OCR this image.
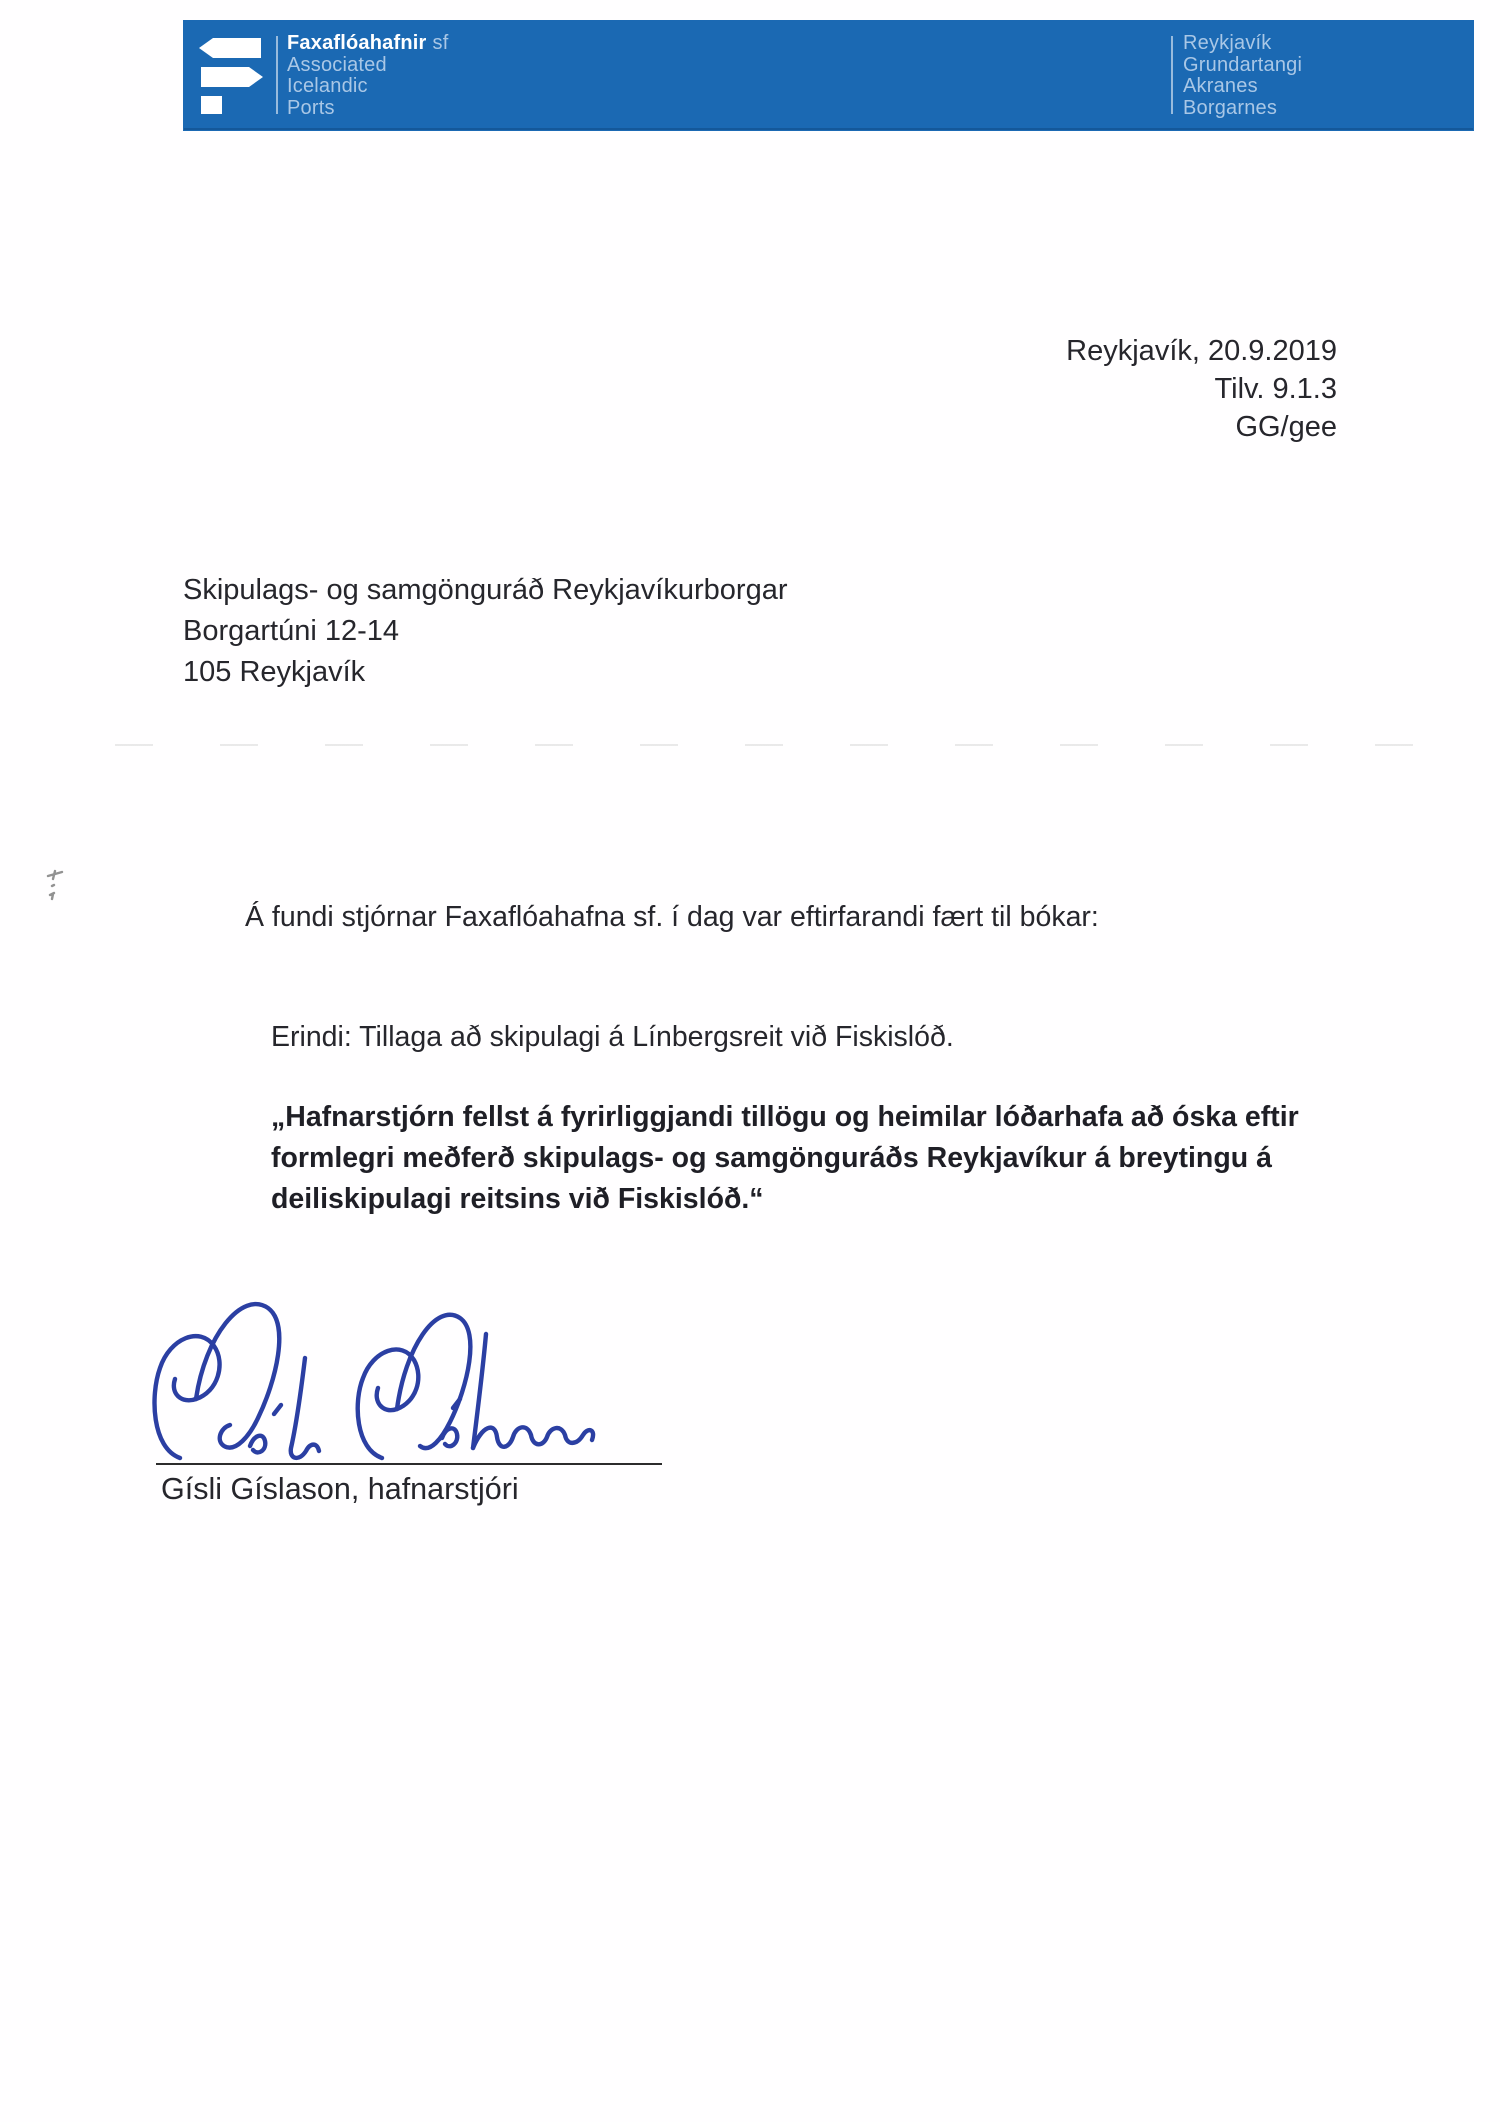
Faxaflóahafnir sf
Associated
Icelandic
Ports
Reykjavík
Grundartangi
Akranes
Borgarnes
Reykjavík, 20.9.2019
Tilv. 9.1.3
GG/gee
Skipulags- og samgönguráð Reykjavíkurborgar
Borgartúni 12-14
105 Reykjavík
Á fundi stjórnar Faxaflóahafna sf. í dag var eftirfarandi fært til bókar:
Erindi: Tillaga að skipulagi á Línbergsreit við Fiskislóð.
„Hafnarstjórn fellst á fyrirliggjandi tillögu og heimilar lóðarhafa að óska eftir
formlegri meðferð skipulags- og samgönguráðs Reykjavíkur á breytingu á
deiliskipulagi reitsins við Fiskislóð.“
Gísli Gíslason, hafnarstjóri
